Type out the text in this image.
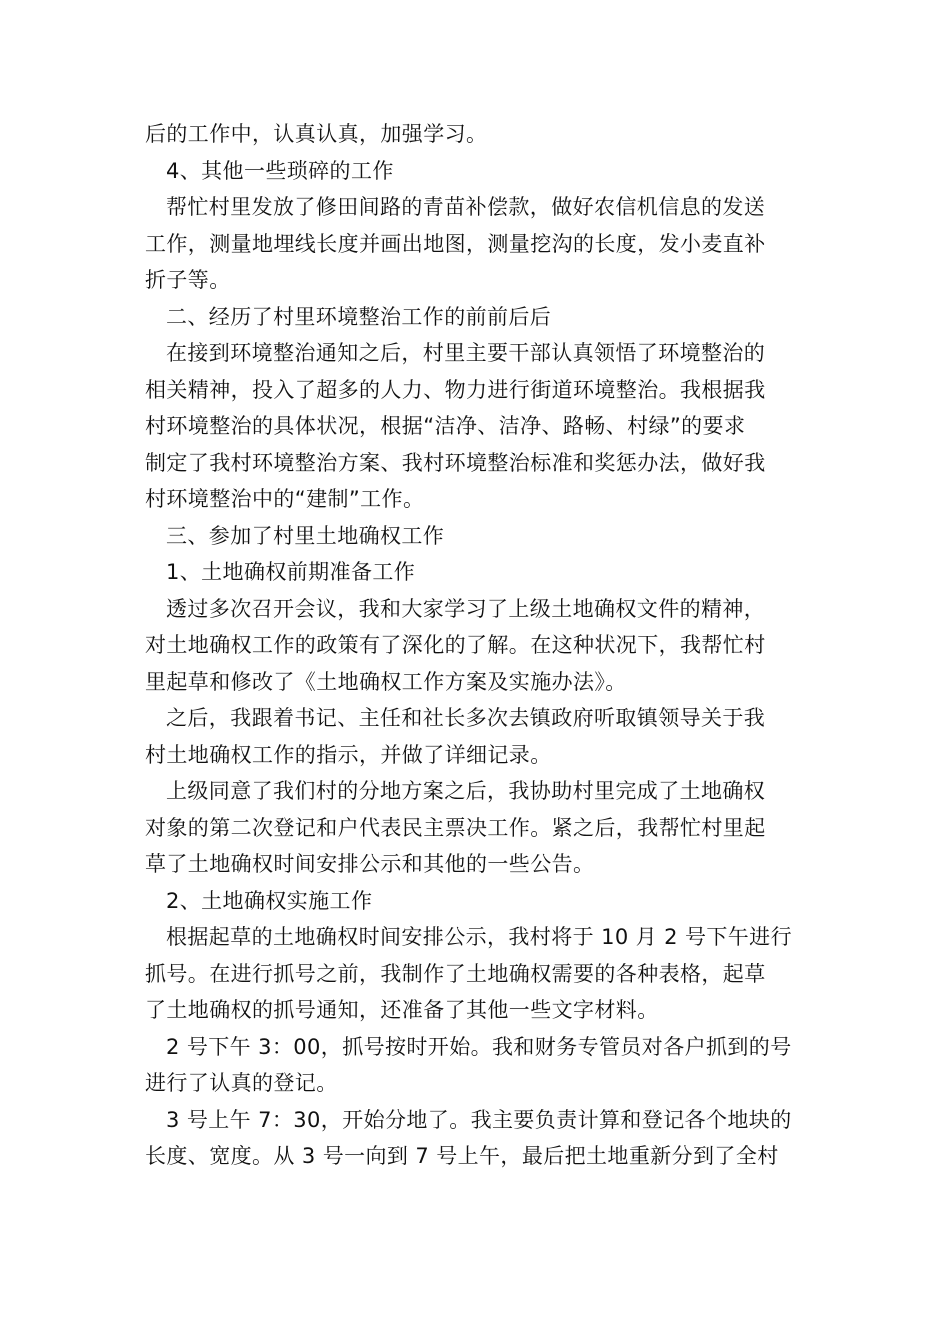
后的工作中，认真认真，加强学习。
4、其他一些琐碎的工作
帮忙村里发放了修田间路的青苗补偿款，做好农信机信息的发送
工作，测量地埋线长度并画出地图，测量挖沟的长度，发小麦直补
折子等。
二、经历了村里环境整治工作的前前后后
在接到环境整治通知之后，村里主要干部认真领悟了环境整治的
相关精神，投入了超多的人力、物力进行街道环境整治。我根据我
村环境整治的具体状况，根据“洁净、洁净、路畅、村绿”的要求
制定了我村环境整治方案、我村环境整治标准和奖惩办法，做好我
村环境整治中的“建制”工作。
三、参加了村里土地确权工作
1、土地确权前期准备工作
透过多次召开会议，我和大家学习了上级土地确权文件的精神，
对土地确权工作的政策有了深化的了解。在这种状况下，我帮忙村
里起草和修改了《土地确权工作方案及实施办法》。
之后，我跟着书记、主任和社长多次去镇政府听取镇领导关于我
村土地确权工作的指示，并做了详细记录。
上级同意了我们村的分地方案之后，我协助村里完成了土地确权
对象的第二次登记和户代表民主票决工作。紧之后，我帮忙村里起
草了土地确权时间安排公示和其他的一些公告。
2、土地确权实施工作
根据起草的土地确权时间安排公示，我村将于 10 月 2 号下午进行
抓号。在进行抓号之前，我制作了土地确权需要的各种表格，起草
了土地确权的抓号通知，还准备了其他一些文字材料。
2 号下午 3：00，抓号按时开始。我和财务专管员对各户抓到的号
进行了认真的登记。
3 号上午 7：30，开始分地了。我主要负责计算和登记各个地块的
长度、宽度。从 3 号一向到 7 号上午，最后把土地重新分到了全村
